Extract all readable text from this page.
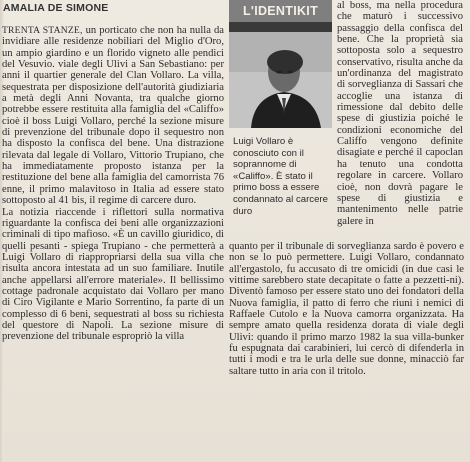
AMALIA DE SIMONE

TRENTA STANZE, un porticato che non ha nulla da invidiare alle residenze nobiliari del Miglio d'Oro, un ampio giardino e un florido vigneto alle pendici del Vesuvio. viale degli Ulivi a San Sebastiano: per anni il quartier generale del Clan Vollaro. La villa, sequestrata per disposizione dell'autorità giudiziaria a metà degli Anni Novanta, tra qualche giorno potrebbe essere restituita alla famiglia del «Califfo» cioè il boss Luigi Vollaro, perché la sezione misure di prevenzione del tribunale dopo il sequestro non ha disposto la confisca del bene. Una distrazione rilevata dal legale di Vollaro, Vittorio Trupiano, che ha immediatamente proposto istanza per la restituzione del bene alla famiglia del camorrista 76 enne, il primo malavitoso in Italia ad essere stato sottoposto al 41 bis, il regime di carcere duro.

La notizia riaccende i riflettori sulla normativa riguardante la confisca dei beni alle organizzazioni criminali di tipo mafioso. «È un cavillo giuridico, di quelli pesanti - spiega Trupiano - che permetterà a Luigi Vollaro di riappropriarsi della sua villa che risulta ancora intestata ad un suo familiare. Inutile anche appellarsi all'errore materiale». Il bellissimo cottage padronale acquistato dai Vollaro per mano di Ciro Vigilante e Mario Sorrentino, fa parte di un complesso di 6 beni, sequestrati al boss su richiesta del questore di Napoli. La sezione misure di prevenzione del tribunale espropriò la villa

L'IDENTIKIT
Luigi Vollaro è conosciuto con il soprannome di «Califfo». È stato il primo boss a essere condannato al carcere duro
al boss, ma nella procedura che maturò i successivo passaggio della confisca del bene. Che la proprietà sia sottoposta solo a sequestro conservativo, risulta anche da un'ordinanza del magistrato di sorveglianza di Sassari che accoglie una istanza di rimessione dal debito delle spese di giustizia poiché le condizioni economiche del Califfo vengono definite disagiate e perché il capoclan ha tenuto una condotta regolare in carcere. Vollaro cioè, non dovrà pagare le spese di giustizia e mantenimento nelle patrie galere in
quanto per il tribunale di sorveglianza sardo è povero e non se lo può permettere. Luigi Vollaro, condannato all'ergastolo, fu accusato di tre omicidi (in due casi le vittime sarebbero state decapitate o fatte a pezzetti-ni). Diventò famoso per essere stato uno dei fondatori della Nuova famiglia, il patto di ferro che riunì i nemici di Raffaele Cutolo e la Nuova camorra organizzata. Ha sempre amato quella residenza dorata di viale degli Ulivi: quando il primo marzo 1982 la sua villa-bunker fu espugnata dai carabinieri, lui cercò di difenderla in tutti i modi e tra le urla delle sue donne, minacciò far saltare tutto in aria con il tritolo.
